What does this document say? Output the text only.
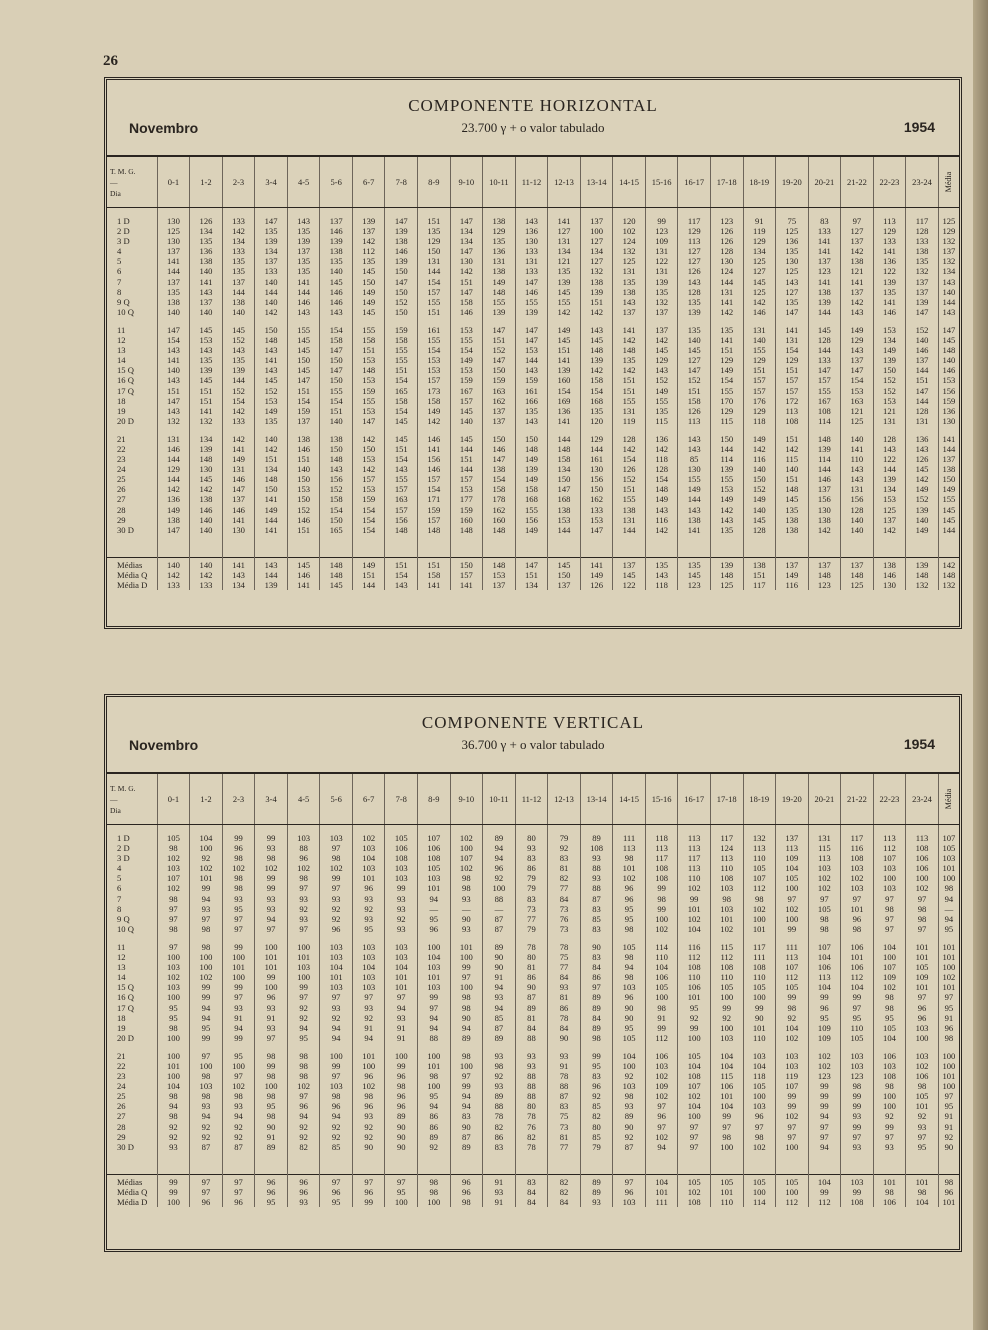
26
COMPONENTE HORIZONTAL
23.700 γ + o valor tabulado
Novembro	1954
T. M. G.
—
Dia	0-1	1-2	2-3	3-4	4-5	5-6	6-7	7-8	8-9	9-10	10-11	11-12	12-13	13-14	14-15	15-16	16-17	17-18	18-19	19-20	20-21	21-22	22-23	23-24	Média

1 D	130	126	133	147	143	137	139	147	151	147	138	143	141	137	120	99	117	123	91	75	83	97	113	117	125
2 D	125	134	142	135	135	146	137	139	135	134	129	136	127	100	102	123	129	126	119	125	133	127	129	128	129
3 D	130	135	134	139	139	139	142	138	129	134	135	130	131	127	124	109	113	126	129	136	141	137	133	133	132
4	137	136	133	134	137	138	112	146	150	147	136	133	134	134	132	131	127	128	134	135	141	142	141	138	137
5	141	138	135	137	135	135	135	139	131	130	131	131	121	127	125	122	127	130	125	130	137	138	136	135	132
6	144	140	135	133	135	140	145	150	144	142	138	133	135	132	131	131	126	124	127	125	123	121	122	132	134
7	137	141	137	140	141	145	150	147	154	151	149	147	139	138	135	139	143	144	145	143	141	141	139	137	143
8	135	143	144	144	144	146	149	150	157	147	148	146	145	139	138	135	128	131	125	127	138	137	135	137	140
9 Q	138	137	138	140	146	146	149	152	155	158	155	155	155	151	143	132	135	141	142	135	139	142	141	139	144
10 Q	140	140	140	142	143	143	145	150	151	146	139	139	142	142	137	137	139	142	146	147	144	143	146	147	143

11	147	145	145	150	155	154	155	159	161	153	147	147	149	143	141	137	135	135	131	141	145	149	153	152	147
12	154	153	152	148	145	158	158	158	155	155	151	147	145	145	142	142	140	141	140	131	128	129	134	140	145
13	143	143	143	143	145	147	151	155	154	154	152	153	151	148	148	145	145	151	155	154	144	143	149	146	148
14	141	135	135	141	150	150	153	155	153	149	147	144	141	139	135	129	127	129	129	129	133	137	139	137	140
15 Q	140	139	139	143	145	147	148	151	153	153	150	143	139	142	142	143	147	149	151	151	147	147	150	144	146
16 Q	143	145	144	145	147	150	153	154	157	159	159	159	160	158	151	152	152	154	157	157	157	154	152	151	153
17 Q	151	151	152	152	151	155	159	165	173	167	163	161	154	154	151	149	151	155	157	157	155	153	152	147	156
18	147	151	154	153	154	154	155	158	158	157	162	166	169	168	155	155	158	170	176	172	167	163	153	144	159
19	143	141	142	149	159	151	153	154	149	145	137	135	136	135	131	135	126	129	129	113	108	121	121	128	136
20 D	132	132	133	135	137	140	147	145	142	140	137	143	141	120	119	115	113	115	118	108	114	125	131	131	130

21	131	134	142	140	138	138	142	145	146	145	150	150	144	129	128	136	143	150	149	151	148	140	128	136	141
22	146	139	141	142	146	150	150	151	141	144	146	148	148	144	142	142	143	144	142	142	139	141	143	143	144
23	144	148	149	151	151	148	153	154	156	151	147	149	158	161	154	118	85	114	116	115	114	110	122	126	137
24	129	130	131	134	140	143	142	143	146	144	138	139	134	130	126	128	130	139	140	140	144	143	144	145	138
25	144	145	146	148	150	156	157	155	157	157	154	149	150	156	152	154	155	155	150	151	146	143	139	142	150
26	142	142	147	150	153	152	153	157	154	153	158	158	147	150	151	148	149	153	152	148	137	131	134	149	149
27	136	138	137	141	150	158	159	163	171	177	178	168	168	162	155	149	144	149	149	145	156	156	153	152	155
28	149	146	146	149	152	154	154	157	159	159	162	155	138	133	138	143	143	142	140	135	130	128	125	139	145
29	138	140	141	144	146	150	154	156	157	160	160	156	153	153	131	116	138	143	145	138	138	140	137	140	145
30 D	147	140	130	141	151	165	154	148	148	148	148	149	144	147	144	142	141	135	128	138	142	140	142	149	144

Médias	140	140	141	143	145	148	149	151	151	150	148	147	145	141	137	135	135	139	138	137	137	137	138	139	142
Média Q	142	142	143	144	146	148	151	154	158	157	153	151	150	149	145	143	145	148	151	149	148	148	146	148	148
Média D	133	133	134	139	141	145	144	143	141	141	137	134	137	126	122	118	123	125	117	116	123	125	130	132	132
COMPONENTE VERTICAL
36.700 γ + o valor tabulado
Novembro	1954
T. M. G.
—
Dia	0-1	1-2	2-3	3-4	4-5	5-6	6-7	7-8	8-9	9-10	10-11	11-12	12-13	13-14	14-15	15-16	16-17	17-18	18-19	19-20	20-21	21-22	22-23	23-24	Média

1 D	105	104	99	99	103	103	102	105	107	102	89	80	79	89	111	118	113	117	132	137	131	117	113	113	107
2 D	98	100	96	93	88	97	103	106	106	100	94	93	92	108	113	113	113	124	113	113	115	116	112	108	105
3 D	102	92	98	98	96	98	104	108	108	107	94	83	83	93	98	117	117	113	110	109	113	108	107	106	103
4	103	102	102	102	102	102	103	103	105	102	96	86	81	88	101	108	113	110	105	104	103	103	103	106	101
5	107	101	98	99	98	99	101	103	103	98	92	79	82	93	102	108	110	108	107	105	102	102	100	100	100
6	102	99	98	99	97	97	96	99	101	98	100	79	77	88	96	99	102	103	112	100	102	103	103	102	98
7	98	94	93	93	93	93	93	93	94	93	88	83	84	87	96	98	99	98	98	97	97	97	97	97	94
8	97	93	95	93	92	92	92	93	—	—	—	73	73	83	95	99	101	103	102	102	105	101	98	98	—
9 Q	97	97	97	94	93	92	93	92	95	90	87	77	76	85	95	100	102	101	100	100	98	96	97	98	94
10 Q	98	98	97	97	97	96	95	93	96	93	87	79	73	83	98	102	104	102	101	99	98	98	97	97	95

11	97	98	99	100	100	103	103	103	100	101	89	78	78	90	105	114	116	115	117	111	107	106	104	101	101
12	100	100	100	101	101	103	103	103	104	100	90	80	75	83	98	110	112	112	111	113	104	101	100	101	101
13	103	100	101	101	103	104	104	104	103	99	90	81	77	84	94	104	108	108	108	107	106	106	107	105	100
14	102	102	100	99	100	101	103	101	101	97	91	86	84	86	98	106	110	110	110	112	113	112	109	109	102
15 Q	103	99	99	100	99	103	103	101	103	100	94	90	93	97	103	105	106	105	105	105	104	104	102	101	101
16 Q	100	99	97	96	97	97	97	97	99	98	93	87	81	89	96	100	101	100	100	99	99	99	98	97	97
17 Q	95	94	93	93	92	93	93	94	97	98	94	89	86	89	90	98	95	99	99	98	96	97	98	96	95
18	95	94	91	91	92	92	92	93	94	90	85	81	78	84	90	91	92	92	90	92	95	95	95	96	91
19	98	95	94	93	94	94	91	91	94	94	87	84	84	89	95	99	99	100	101	104	109	110	105	103	96
20 D	100	99	99	97	95	94	94	91	88	89	89	88	90	98	105	112	100	103	110	102	109	105	104	100	98

21	100	97	95	98	98	100	101	100	100	98	93	93	93	99	104	106	105	104	103	103	102	103	106	103	100
22	101	100	100	99	98	99	100	99	101	100	98	93	91	95	100	103	104	104	104	103	102	103	103	102	100
23	100	98	97	98	98	97	96	96	98	97	92	88	78	83	92	102	108	115	118	119	123	123	108	106	101
24	104	103	102	100	102	103	102	98	100	99	93	88	88	96	103	109	107	106	105	107	99	98	98	98	100
25	98	98	98	98	97	98	98	96	95	94	89	88	87	92	98	102	102	101	100	99	99	99	100	105	97
26	94	93	93	95	96	96	96	96	94	94	88	80	83	85	93	97	104	104	103	99	99	99	100	101	95
27	98	94	94	98	94	94	93	89	86	83	78	78	75	82	89	96	100	99	96	102	94	93	92	92	91
28	92	92	92	90	92	92	92	90	86	90	82	76	73	80	90	97	97	97	97	97	97	99	99	93	91
29	92	92	92	91	92	92	92	90	89	87	86	82	81	85	92	102	97	98	98	97	97	97	97	97	92
30 D	93	87	87	89	82	85	90	90	92	89	83	78	77	79	87	94	97	100	102	100	94	93	93	95	90

Médias	99	97	97	96	96	97	97	97	98	96	91	83	82	89	97	104	105	105	105	105	104	103	101	101	98
Média Q	99	97	97	96	96	96	96	95	98	96	93	84	82	89	96	101	102	101	100	100	99	99	98	98	96
Média D	100	96	96	95	93	95	99	100	100	98	91	84	84	93	103	111	108	110	114	112	112	108	106	104	101
